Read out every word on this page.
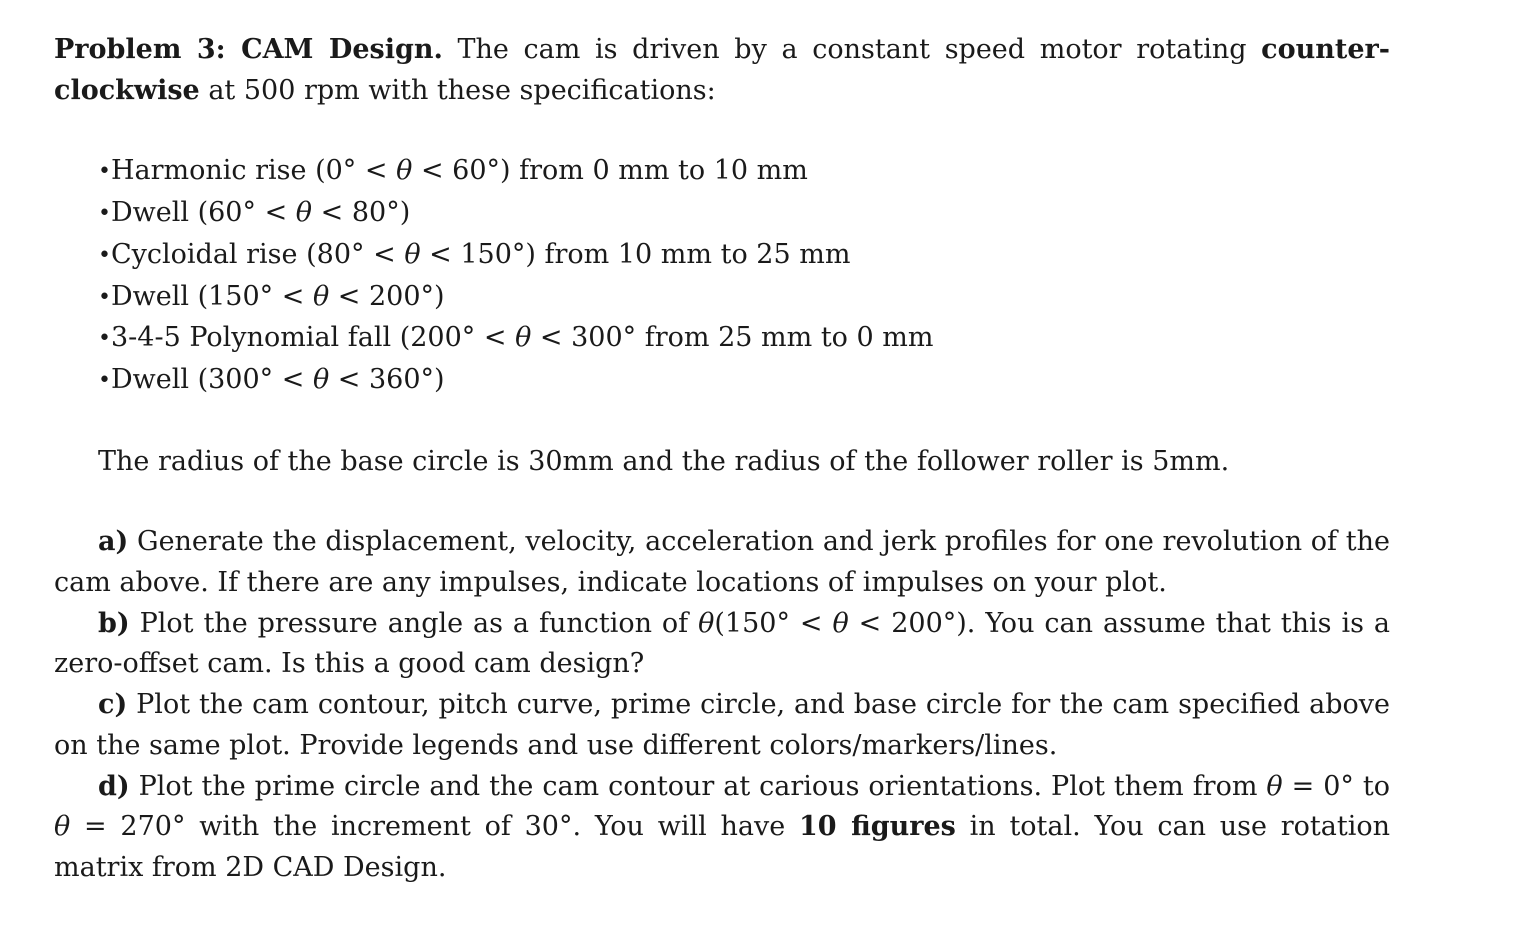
Problem 3: CAM Design. The cam is driven by a constant speed motor rotating counter-clockwise at 500 rpm with these specifications:

•Harmonic rise (0° < θ < 60°) from 0 mm to 10 mm
•Dwell (60° < θ < 80°)
•Cycloidal rise (80° < θ < 150°) from 10 mm to 25 mm
•Dwell (150° < θ < 200°)
•3-4-5 Polynomial fall (200° < θ < 300° from 25 mm to 0 mm
•Dwell (300° < θ < 360°)

The radius of the base circle is 30mm and the radius of the follower roller is 5mm.

a) Generate the displacement, velocity, acceleration and jerk profiles for one revolution of the cam above. If there are any impulses, indicate locations of impulses on your plot.

b) Plot the pressure angle as a function of θ(150° < θ < 200°). You can assume that this is a zero-offset cam. Is this a good cam design?

c) Plot the cam contour, pitch curve, prime circle, and base circle for the cam specified above on the same plot. Provide legends and use different colors/markers/lines.

d) Plot the prime circle and the cam contour at carious orientations. Plot them from θ = 0° to θ = 270° with the increment of 30°. You will have 10 figures in total. You can use rotation matrix from 2D CAD Design.
